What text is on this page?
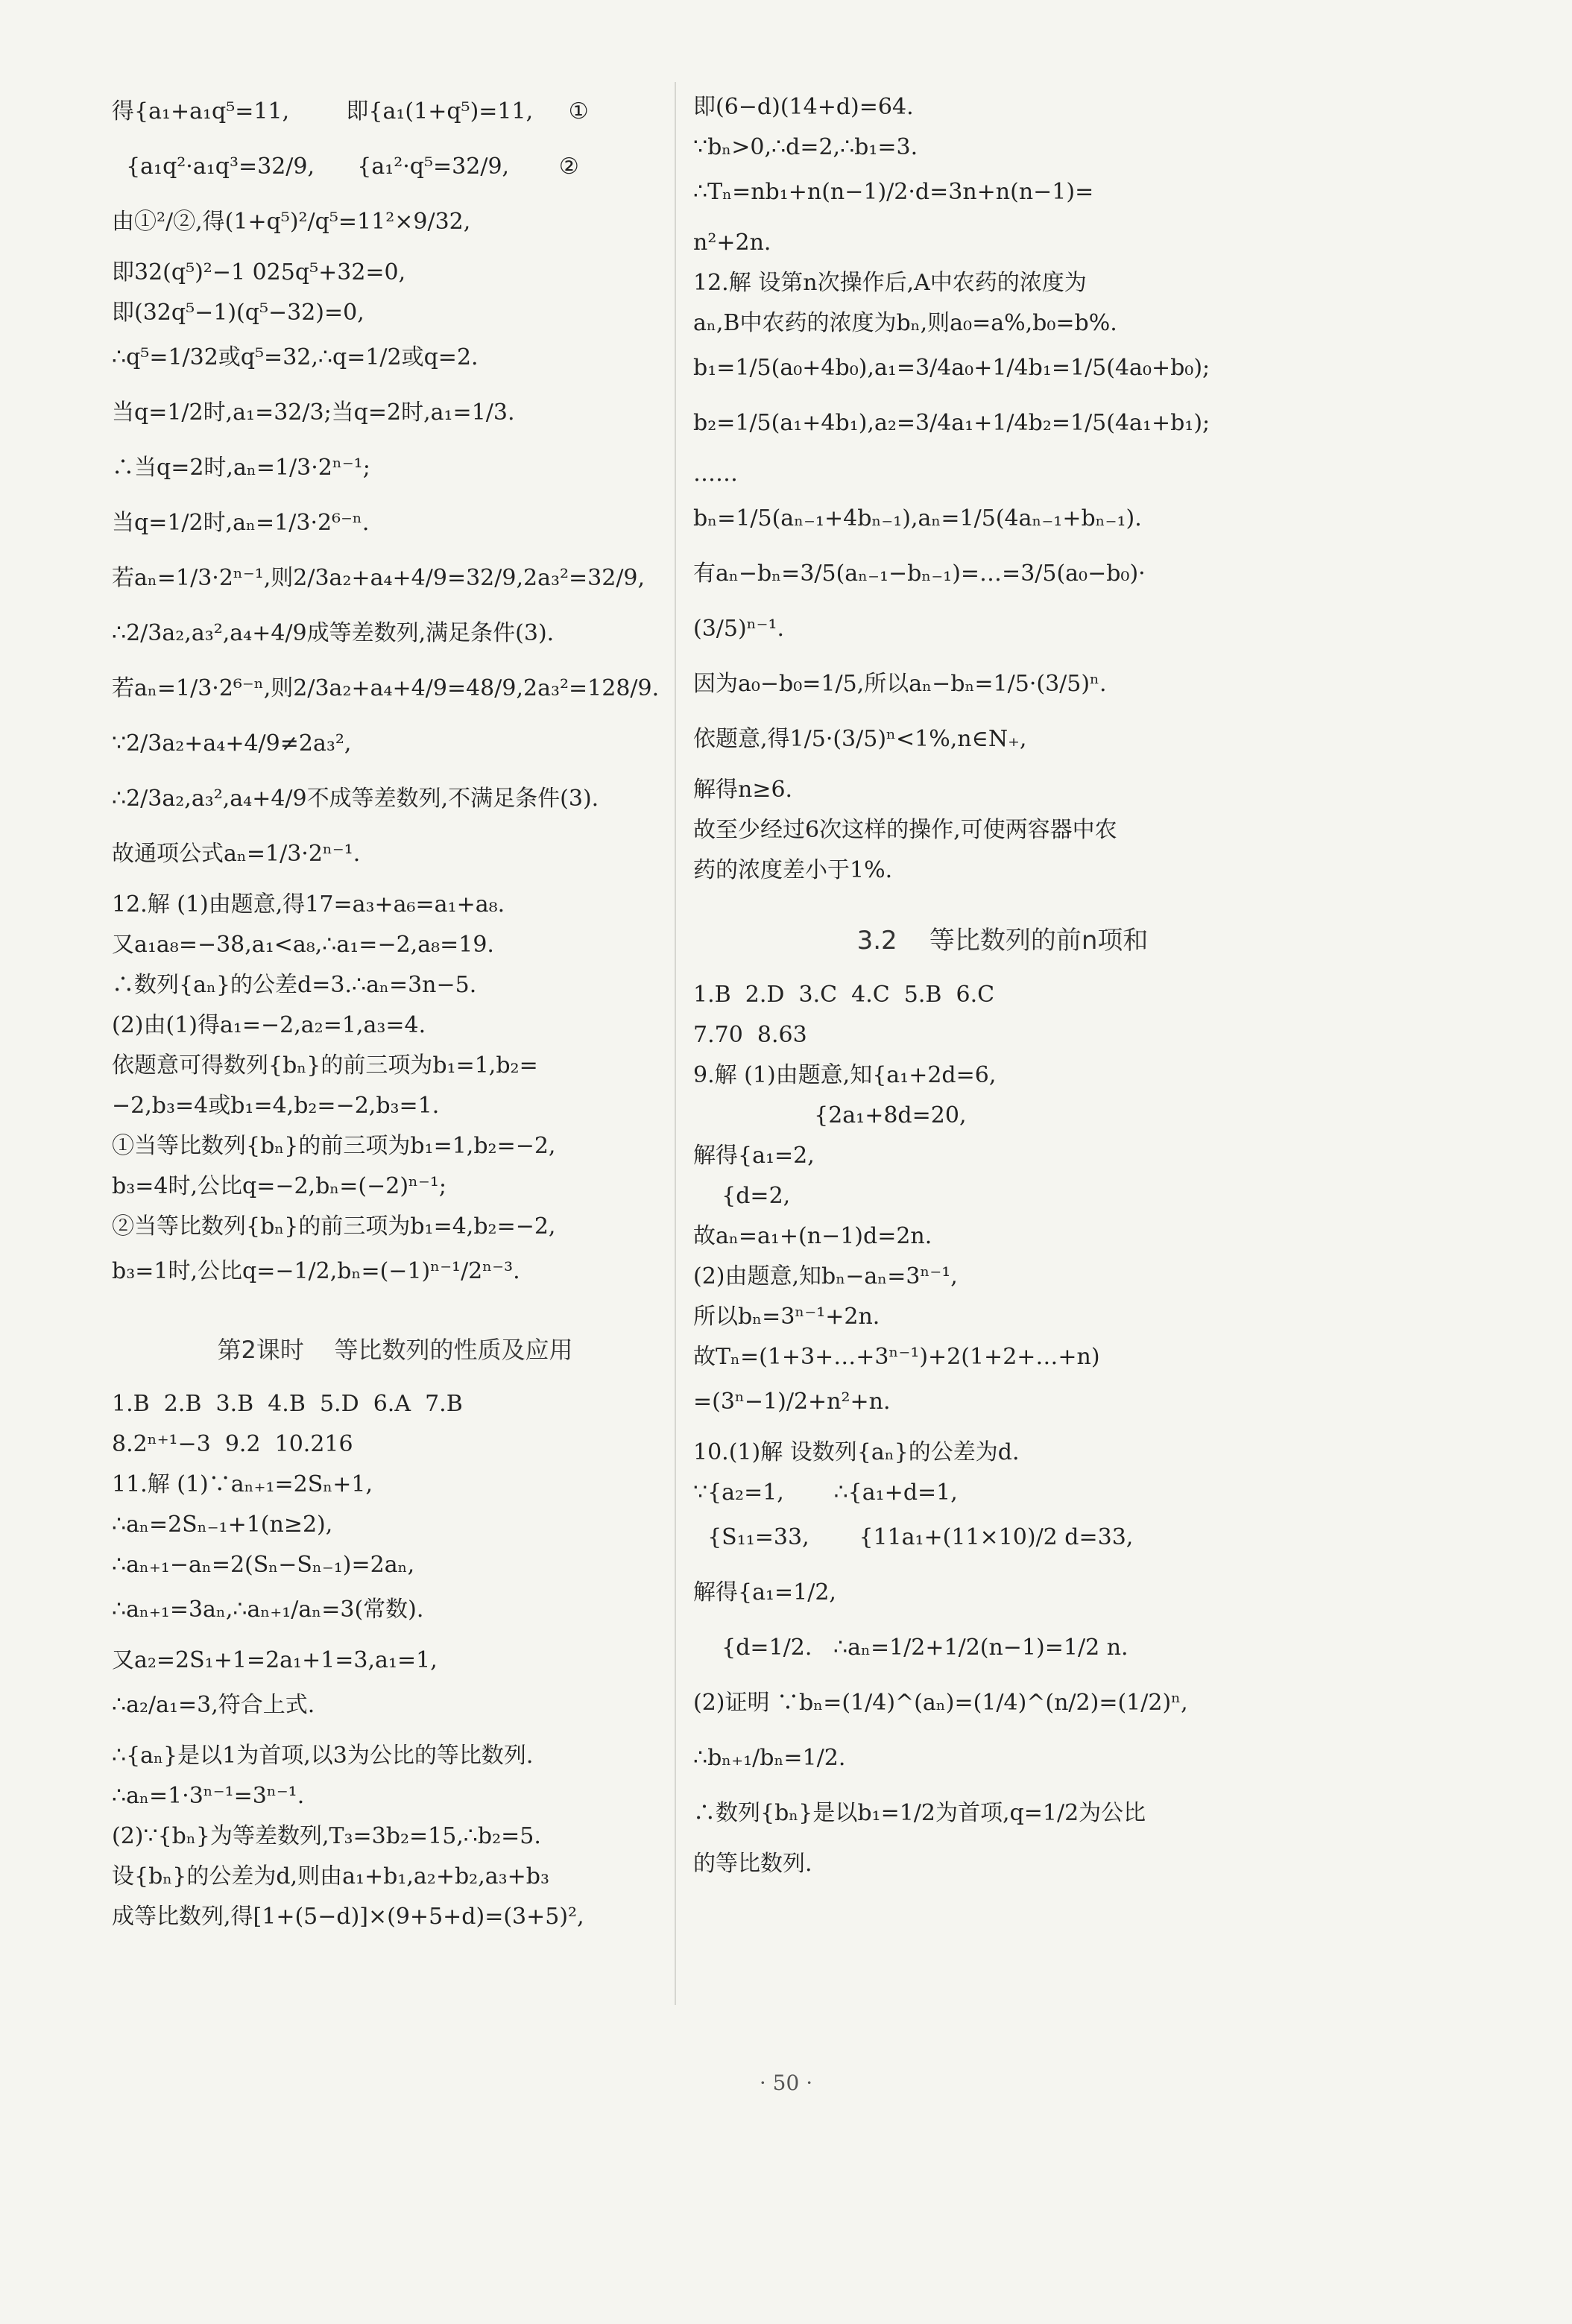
得{a₁+a₁q⁵=11,        即{a₁(1+q⁵)=11,     ①
{a₁q²·a₁q³=32/9,      {a₁²·q⁵=32/9,       ②
由①²/②,得(1+q⁵)²/q⁵=11²×9/32,
即32(q⁵)²−1 025q⁵+32=0,
即(32q⁵−1)(q⁵−32)=0,
∴q⁵=1/32或q⁵=32,∴q=1/2或q=2.
当q=1/2时,a₁=32/3;当q=2时,a₁=1/3.
∴当q=2时,aₙ=1/3·2ⁿ⁻¹;
当q=1/2时,aₙ=1/3·2⁶⁻ⁿ.
若aₙ=1/3·2ⁿ⁻¹,则2/3a₂+a₄+4/9=32/9,2a₃²=32/9,
∴2/3a₂,a₃²,a₄+4/9成等差数列,满足条件(3).
若aₙ=1/3·2⁶⁻ⁿ,则2/3a₂+a₄+4/9=48/9,2a₃²=128/9.
∵2/3a₂+a₄+4/9≠2a₃²,
∴2/3a₂,a₃²,a₄+4/9不成等差数列,不满足条件(3).
故通项公式aₙ=1/3·2ⁿ⁻¹.
12.解 (1)由题意,得17=a₃+a₆=a₁+a₈.
又a₁a₈=−38,a₁<a₈,∴a₁=−2,a₈=19.
∴数列{aₙ}的公差d=3.∴aₙ=3n−5.
(2)由(1)得a₁=−2,a₂=1,a₃=4.
依题意可得数列{bₙ}的前三项为b₁=1,b₂=
−2,b₃=4或b₁=4,b₂=−2,b₃=1.
①当等比数列{bₙ}的前三项为b₁=1,b₂=−2,
b₃=4时,公比q=−2,bₙ=(−2)ⁿ⁻¹;
②当等比数列{bₙ}的前三项为b₁=4,b₂=−2,
b₃=1时,公比q=−1/2,bₙ=(−1)ⁿ⁻¹/2ⁿ⁻³.
第2课时    等比数列的性质及应用
1.B  2.B  3.B  4.B  5.D  6.A  7.B
8.2ⁿ⁺¹−3  9.2  10.216
11.解 (1)∵aₙ₊₁=2Sₙ+1,
∴aₙ=2Sₙ₋₁+1(n≥2),
∴aₙ₊₁−aₙ=2(Sₙ−Sₙ₋₁)=2aₙ,
∴aₙ₊₁=3aₙ,∴aₙ₊₁/aₙ=3(常数).
又a₂=2S₁+1=2a₁+1=3,a₁=1,
∴a₂/a₁=3,符合上式.
∴{aₙ}是以1为首项,以3为公比的等比数列.
∴aₙ=1·3ⁿ⁻¹=3ⁿ⁻¹.
(2)∵{bₙ}为等差数列,T₃=3b₂=15,∴b₂=5.
设{bₙ}的公差为d,则由a₁+b₁,a₂+b₂,a₃+b₃
成等比数列,得[1+(5−d)]×(9+5+d)=(3+5)²,
即(6−d)(14+d)=64.
∵bₙ>0,∴d=2,∴b₁=3.
∴Tₙ=nb₁+n(n−1)/2·d=3n+n(n−1)=
n²+2n.
12.解 设第n次操作后,A中农药的浓度为
aₙ,B中农药的浓度为bₙ,则a₀=a%,b₀=b%.
b₁=1/5(a₀+4b₀),a₁=3/4a₀+1/4b₁=1/5(4a₀+b₀);
b₂=1/5(a₁+4b₁),a₂=3/4a₁+1/4b₂=1/5(4a₁+b₁);
……
bₙ=1/5(aₙ₋₁+4bₙ₋₁),aₙ=1/5(4aₙ₋₁+bₙ₋₁).
有aₙ−bₙ=3/5(aₙ₋₁−bₙ₋₁)=…=3/5(a₀−b₀)·
(3/5)ⁿ⁻¹.
因为a₀−b₀=1/5,所以aₙ−bₙ=1/5·(3/5)ⁿ.
依题意,得1/5·(3/5)ⁿ<1%,n∈N₊,
解得n≥6.
故至少经过6次这样的操作,可使两容器中农
药的浓度差小于1%.
3.2    等比数列的前n项和
1.B  2.D  3.C  4.C  5.B  6.C
7.70  8.63
9.解 (1)由题意,知{a₁+2d=6,
{2a₁+8d=20,
解得{a₁=2,
{d=2,
故aₙ=a₁+(n−1)d=2n.
(2)由题意,知bₙ−aₙ=3ⁿ⁻¹,
所以bₙ=3ⁿ⁻¹+2n.
故Tₙ=(1+3+…+3ⁿ⁻¹)+2(1+2+…+n)
=(3ⁿ−1)/2+n²+n.
10.(1)解 设数列{aₙ}的公差为d.
∵{a₂=1,       ∴{a₁+d=1,
{S₁₁=33,       {11a₁+(11×10)/2 d=33,
解得{a₁=1/2,
{d=1/2.   ∴aₙ=1/2+1/2(n−1)=1/2 n.
(2)证明 ∵bₙ=(1/4)^(aₙ)=(1/4)^(n/2)=(1/2)ⁿ,
∴bₙ₊₁/bₙ=1/2.
∴数列{bₙ}是以b₁=1/2为首项,q=1/2为公比
的等比数列.
· 50 ·
